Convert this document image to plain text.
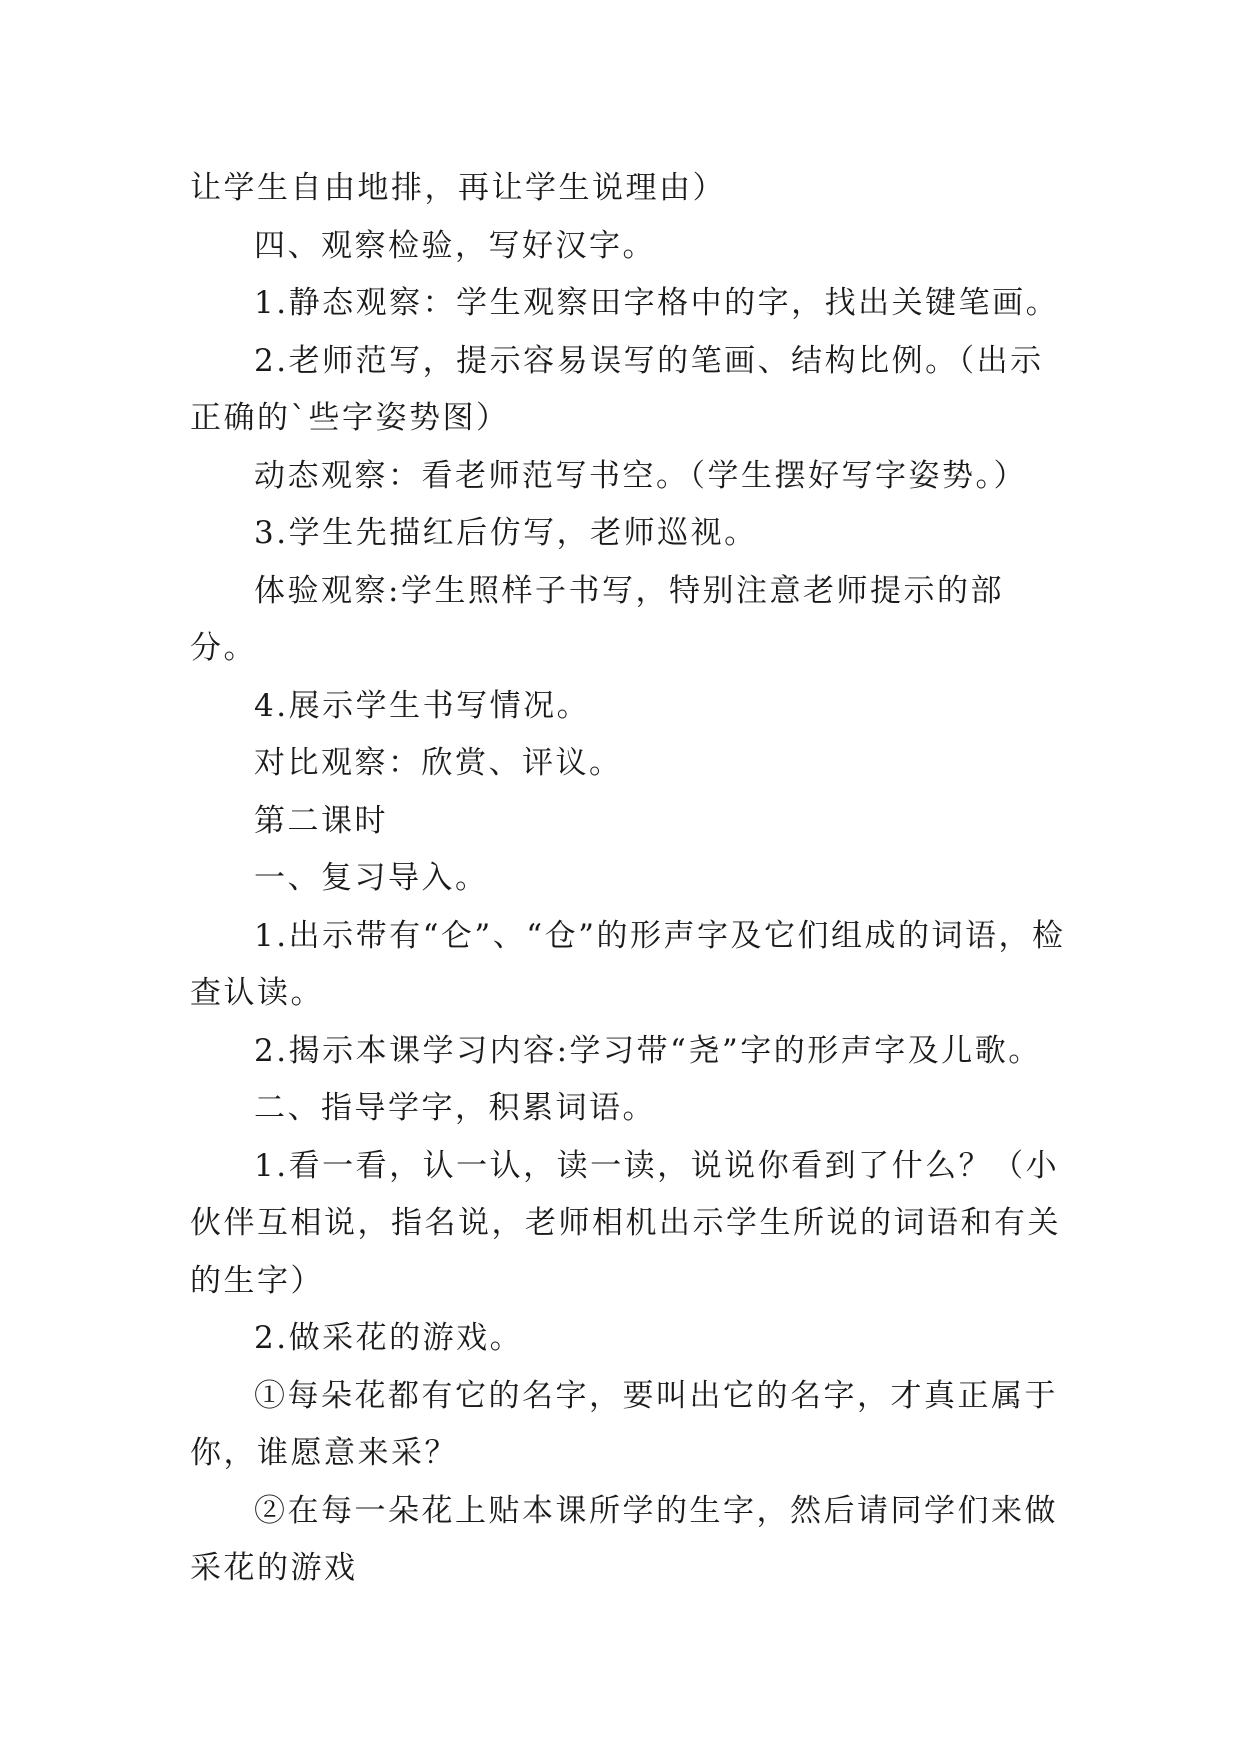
让学生自由地排，再让学生说理由）

四、观察检验，写好汉字。

1.静态观察：学生观察田字格中的字，找出关键笔画。

2.老师范写，提示容易误写的笔画、结构比例。（出示正确的`些字姿势图）

动态观察：看老师范写书空。（学生摆好写字姿势。）

3.学生先描红后仿写，老师巡视。

体验观察:学生照样子书写，特别注意老师提示的部分。

4.展示学生书写情况。

对比观察：欣赏、评议。

第二课时

一、复习导入。

1.出示带有“仑”、“仓”的形声字及它们组成的词语，检查认读。

2.揭示本课学习内容:学习带“尧”字的形声字及儿歌。

二、指导学字，积累词语。

1.看一看，认一认，读一读，说说你看到了什么？（小伙伴互相说，指名说，老师相机出示学生所说的词语和有关的生字）

2.做采花的游戏。

①每朵花都有它的名字，要叫出它的名字，才真正属于你，谁愿意来采？

②在每一朵花上贴本课所学的生字，然后请同学们来做采花的游戏
